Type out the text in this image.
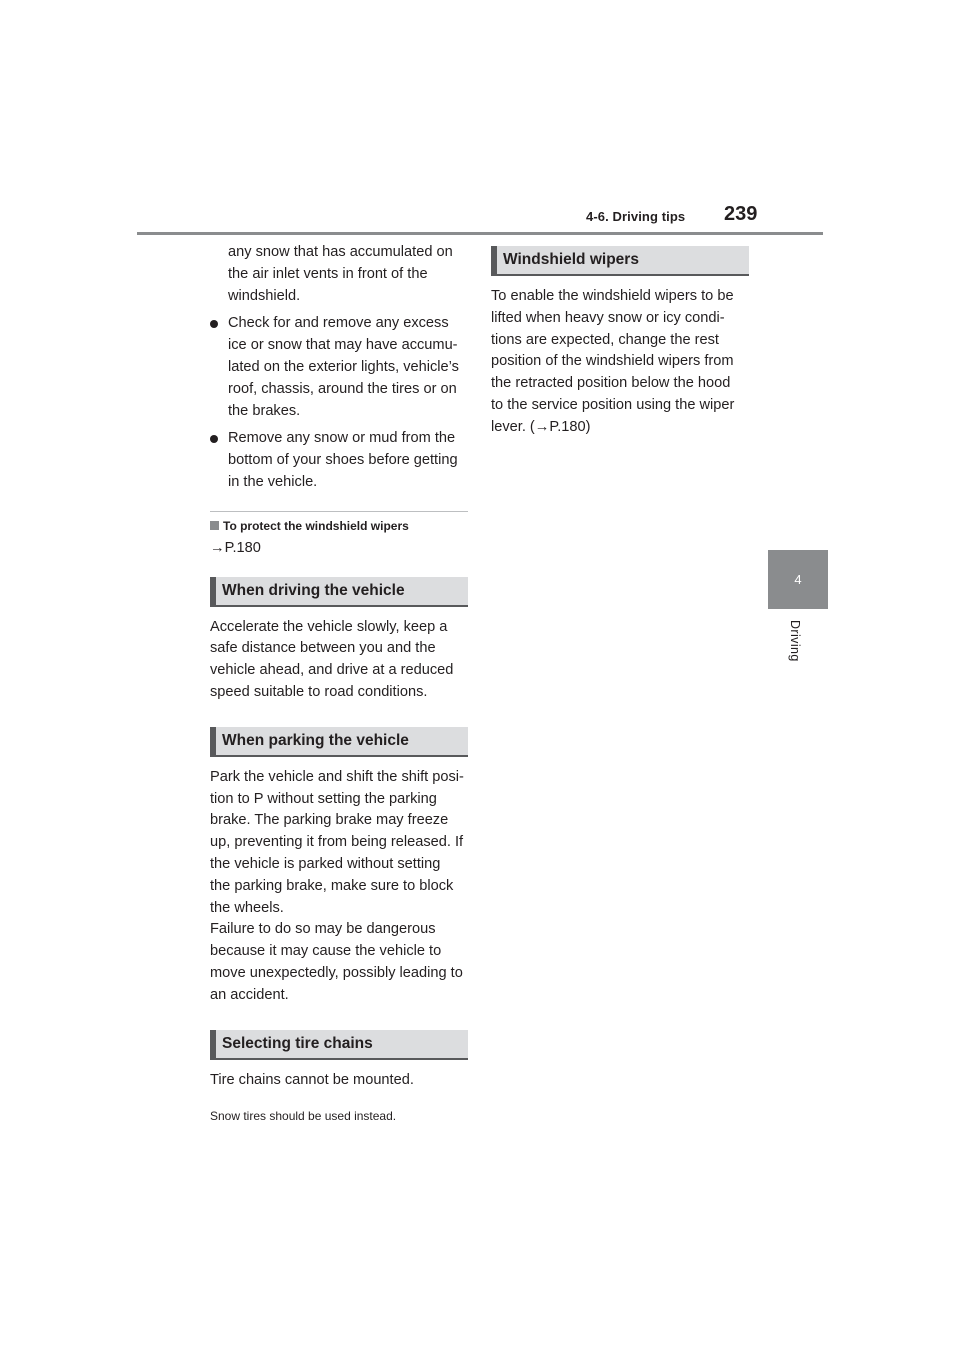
4-6. Driving tips 239
4
Driving

any snow that has accumulated on
the air inlet vents in front of the
windshield.

Check for and remove any excess
ice or snow that may have accumu-
lated on the exterior lights, vehicle’s
roof, chassis, around the tires or on
the brakes.

Remove any snow or mud from the
bottom of your shoes before getting
in the vehicle.

To protect the windshield wipers

→P.180

When driving the vehicle

Accelerate the vehicle slowly, keep a
safe distance between you and the
vehicle ahead, and drive at a reduced
speed suitable to road conditions.

When parking the vehicle

Park the vehicle and shift the shift posi-
tion to P without setting the parking
brake. The parking brake may freeze
up, preventing it from being released. If
the vehicle is parked without setting
the parking brake, make sure to block
the wheels.
Failure to do so may be dangerous
because it may cause the vehicle to
move unexpectedly, possibly leading to
an accident.

Selecting tire chains

Tire chains cannot be mounted.

Snow tires should be used instead.

Windshield wipers

To enable the windshield wipers to be
lifted when heavy snow or icy condi-
tions are expected, change the rest
position of the windshield wipers from
the retracted position below the hood
to the service position using the wiper
lever. (→P.180)
